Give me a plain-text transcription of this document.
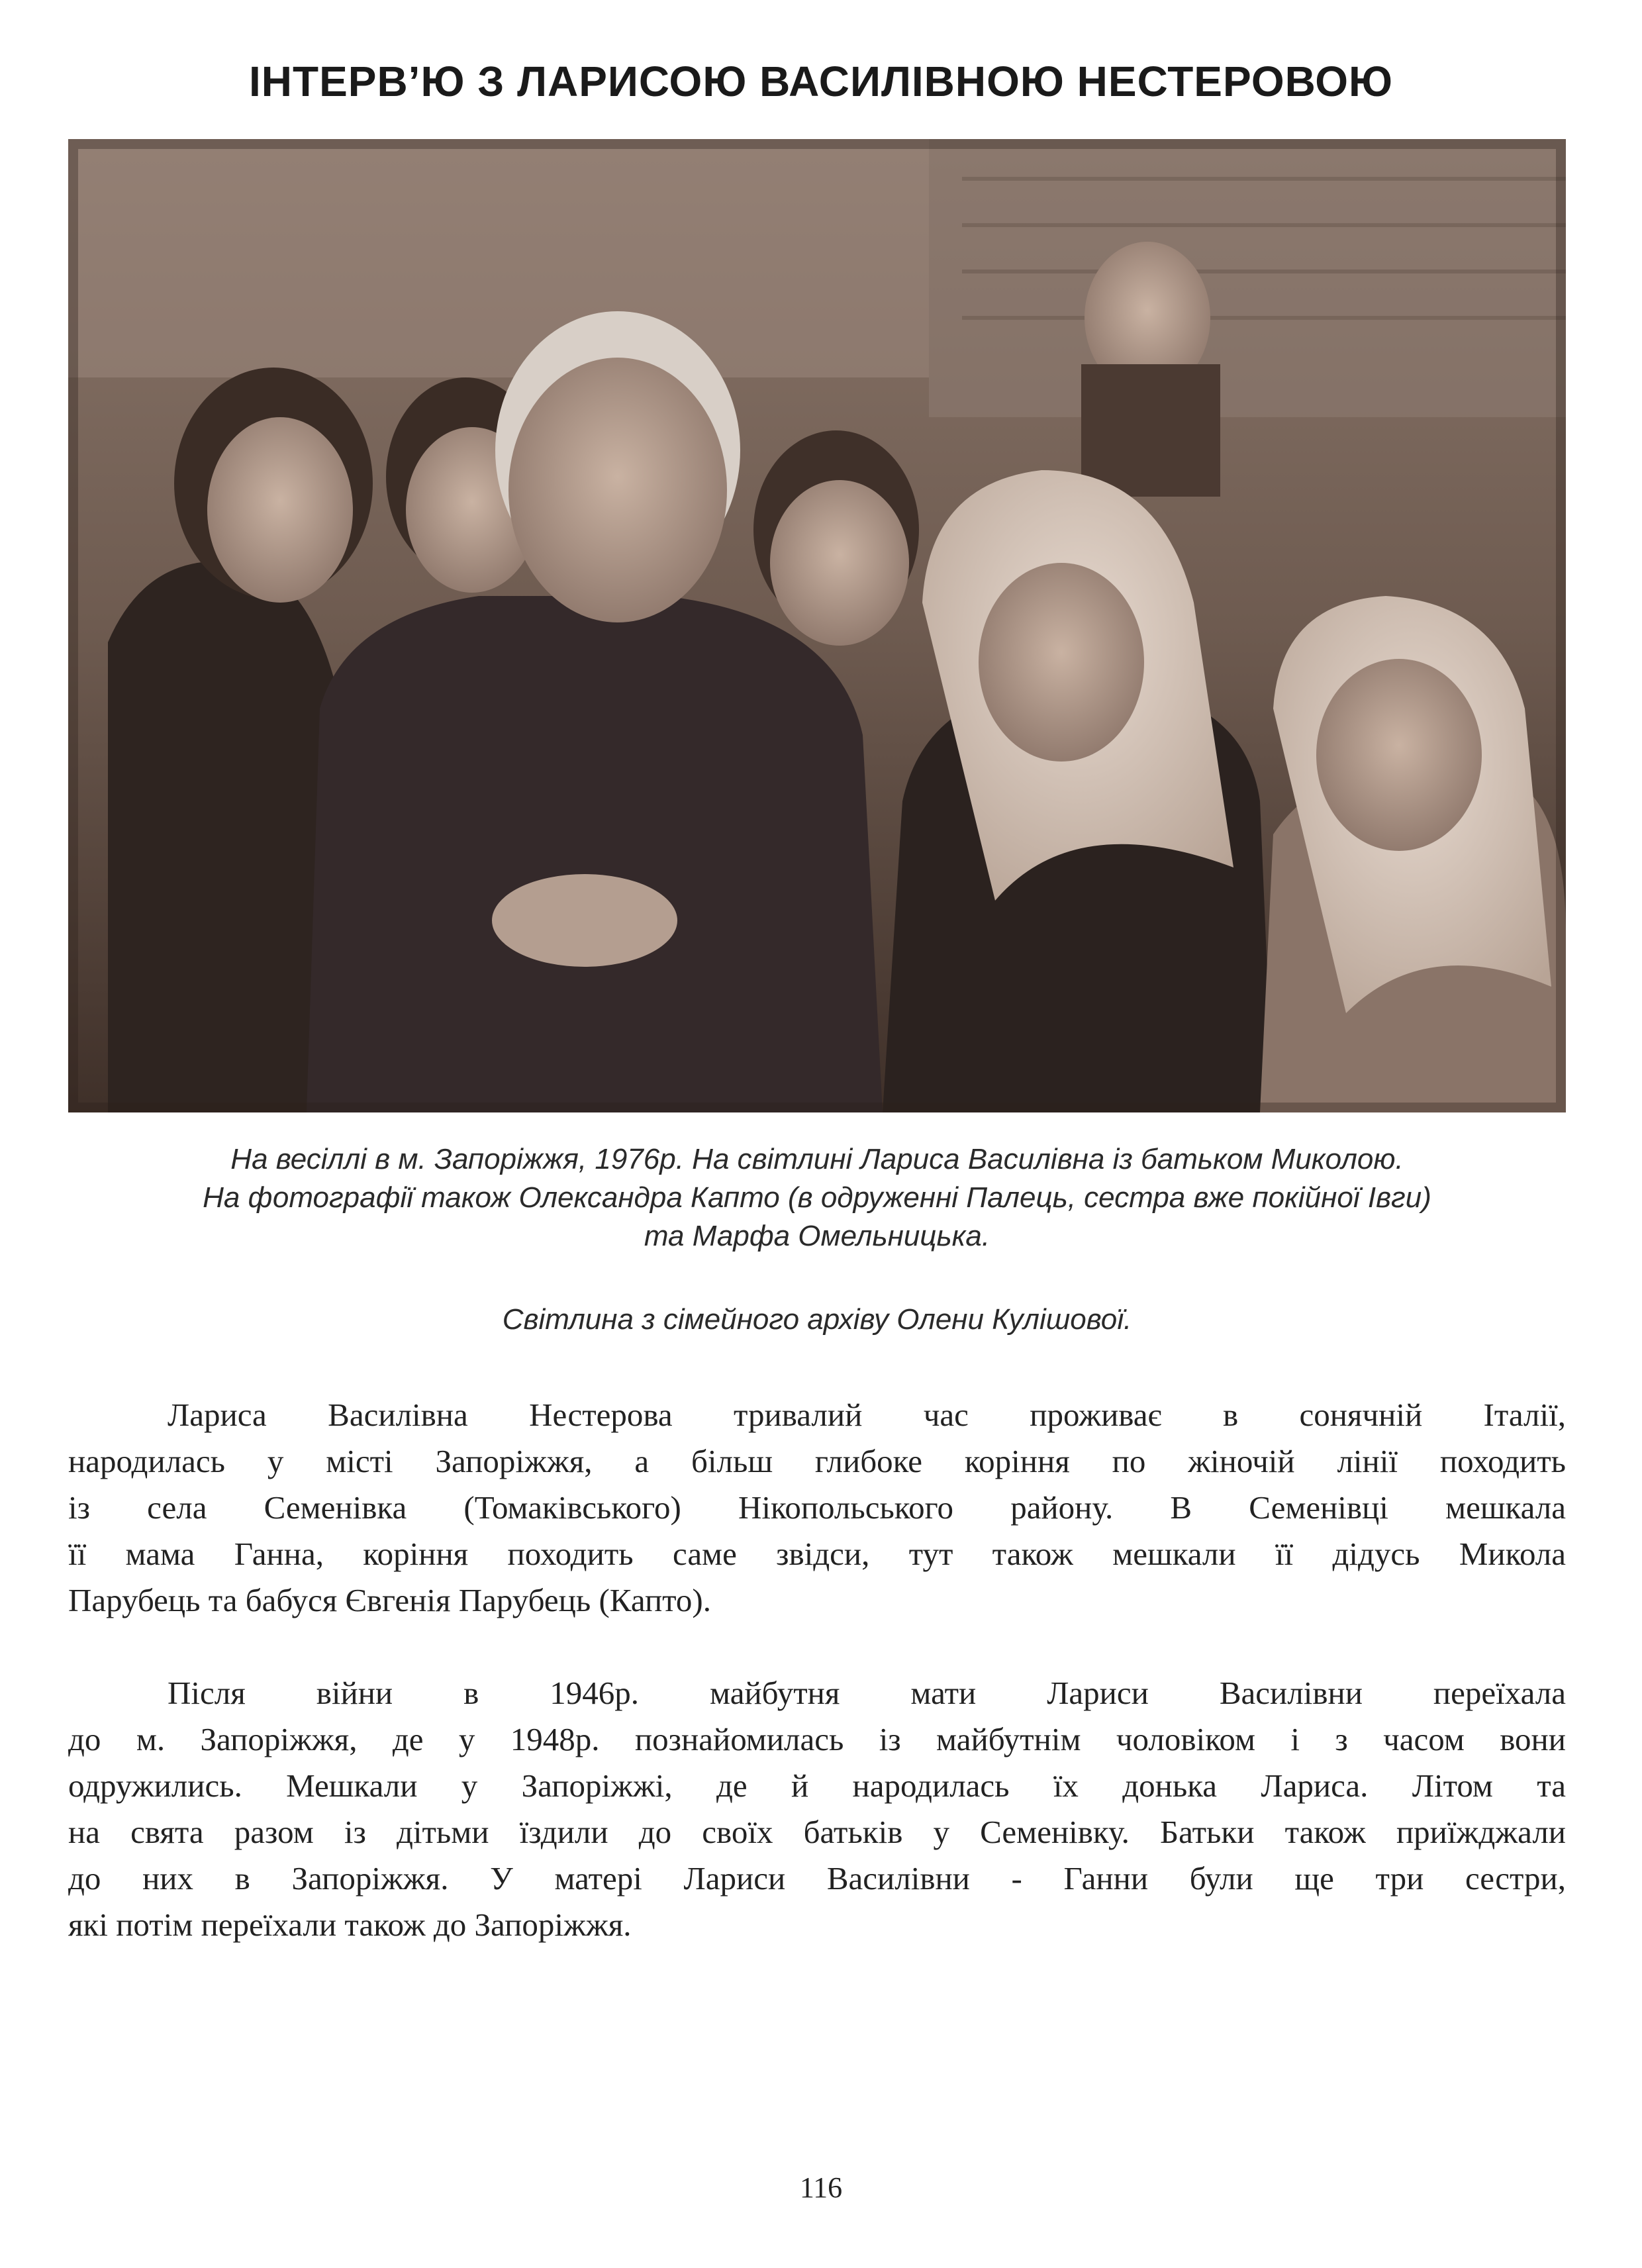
ІНТЕРВ’Ю З ЛАРИСОЮ ВАСИЛІВНОЮ НЕСТЕРОВОЮ
На весіллі в м. Запоріжжя, 1976р. На світлині Лариса Василівна із батьком Миколою.
На фотографії також Олександра Капто (в одруженні Палець, сестра вже покійної Івги)
та Марфа Омельницька.
Світлина з сімейного архіву Олени Кулішової.
Лариса Василівна Нестерова тривалий час проживає в сонячній Італії,
народилась у місті Запоріжжя, а більш глибоке коріння по жіночій лінії походить
із села Семенівка (Томаківського) Нікопольського району. В Семенівці мешкала
її мама Ганна, коріння походить саме звідси, тут також мешкали її дідусь Микола
Парубець та бабуся Євгенія Парубець (Капто).
Після війни в 1946р. майбутня мати Лариси Василівни переїхала
до м. Запоріжжя, де у 1948р. познайомилась із майбутнім чоловіком і з часом вони
одружились. Мешкали у Запоріжжі, де й народилась їх донька Лариса. Літом та
на свята разом із дітьми їздили до своїх батьків у Семенівку. Батьки також приїжджали
до них в Запоріжжя. У матері Лариси Василівни - Ганни були ще три сестри,
які потім переїхали також до Запоріжжя.
116
